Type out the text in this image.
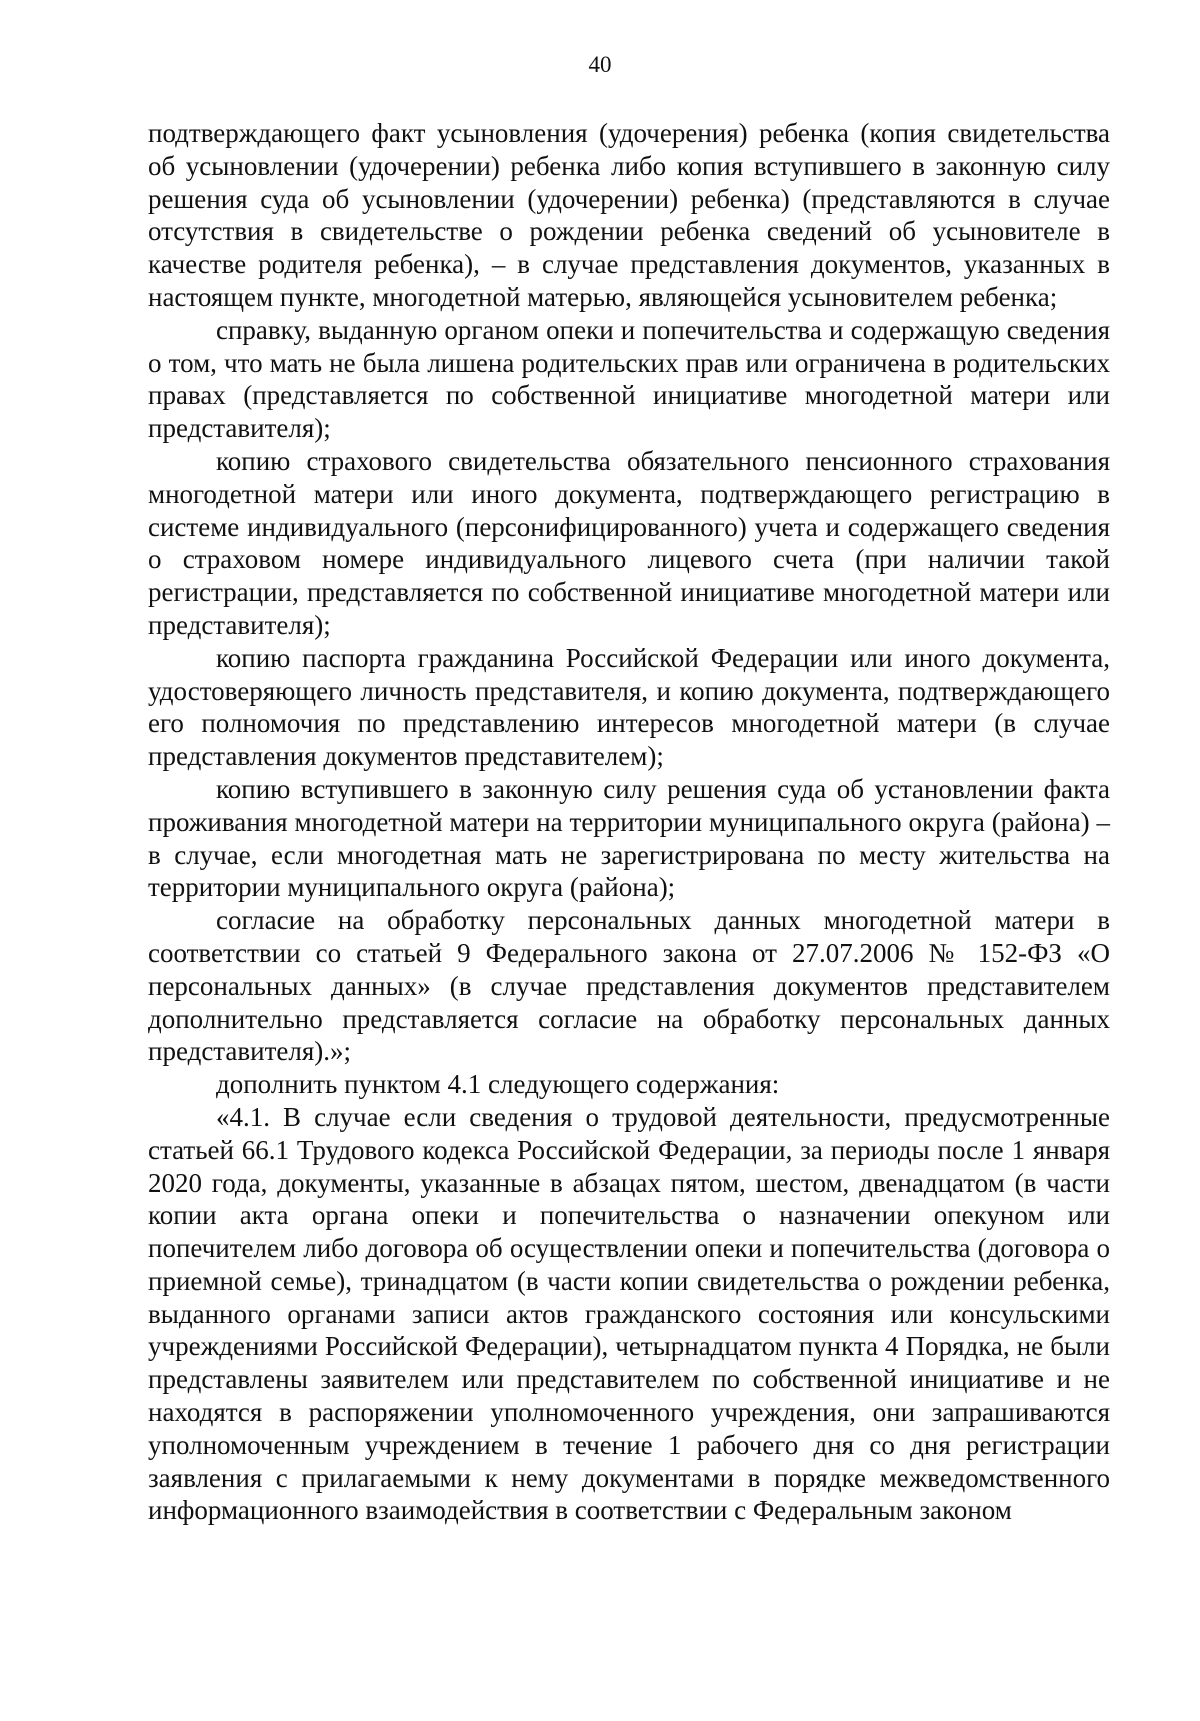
40

подтверждающего факт усыновления (удочерения) ребенка (копия свидетельства об усыновлении (удочерении) ребенка либо копия вступившего в законную силу решения суда об усыновлении (удочерении) ребенка) (представляются в случае отсутствия в свидетельстве о рождении ребенка сведений об усыновителе в качестве родителя ребенка), – в случае представления документов, указанных в настоящем пункте, многодетной матерью, являющейся усыновителем ребенка;

справку, выданную органом опеки и попечительства и содержащую сведения о том, что мать не была лишена родительских прав или ограничена в родительских правах (представляется по собственной инициативе многодетной матери или представителя);

копию страхового свидетельства обязательного пенсионного страхования многодетной матери или иного документа, подтверждающего регистрацию в системе индивидуального (персонифицированного) учета и содержащего сведения о страховом номере индивидуального лицевого счета (при наличии такой регистрации, представляется по собственной инициативе многодетной матери или представителя);

копию паспорта гражданина Российской Федерации или иного документа, удостоверяющего личность представителя, и копию документа, подтверждающего его полномочия по представлению интересов многодетной матери (в случае представления документов представителем);

копию вступившего в законную силу решения суда об установлении факта проживания многодетной матери на территории муниципального округа (района) – в случае, если многодетная мать не зарегистрирована по месту жительства на территории муниципального округа (района);

согласие на обработку персональных данных многодетной матери в соответствии со статьей 9 Федерального закона от 27.07.2006 № 152-ФЗ «О персональных данных» (в случае представления документов представителем дополнительно представляется согласие на обработку персональных данных представителя).»;

дополнить пунктом 4.1 следующего содержания:

«4.1. В случае если сведения о трудовой деятельности, предусмотренные статьей 66.1 Трудового кодекса Российской Федерации, за периоды после 1 января 2020 года, документы, указанные в абзацах пятом, шестом, двенадцатом (в части копии акта органа опеки и попечительства о назначении опекуном или попечителем либо договора об осуществлении опеки и попечительства (договора о приемной семье), тринадцатом (в части копии свидетельства о рождении ребенка, выданного органами записи актов гражданского состояния или консульскими учреждениями Российской Федерации), четырнадцатом пункта 4 Порядка, не были представлены заявителем или представителем по собственной инициативе и не находятся в распоряжении уполномоченного учреждения, они запрашиваются уполномоченным учреждением в течение 1 рабочего дня со дня регистрации заявления с прилагаемыми к нему документами в порядке межведомственного информационного взаимодействия в соответствии с Федеральным законом
